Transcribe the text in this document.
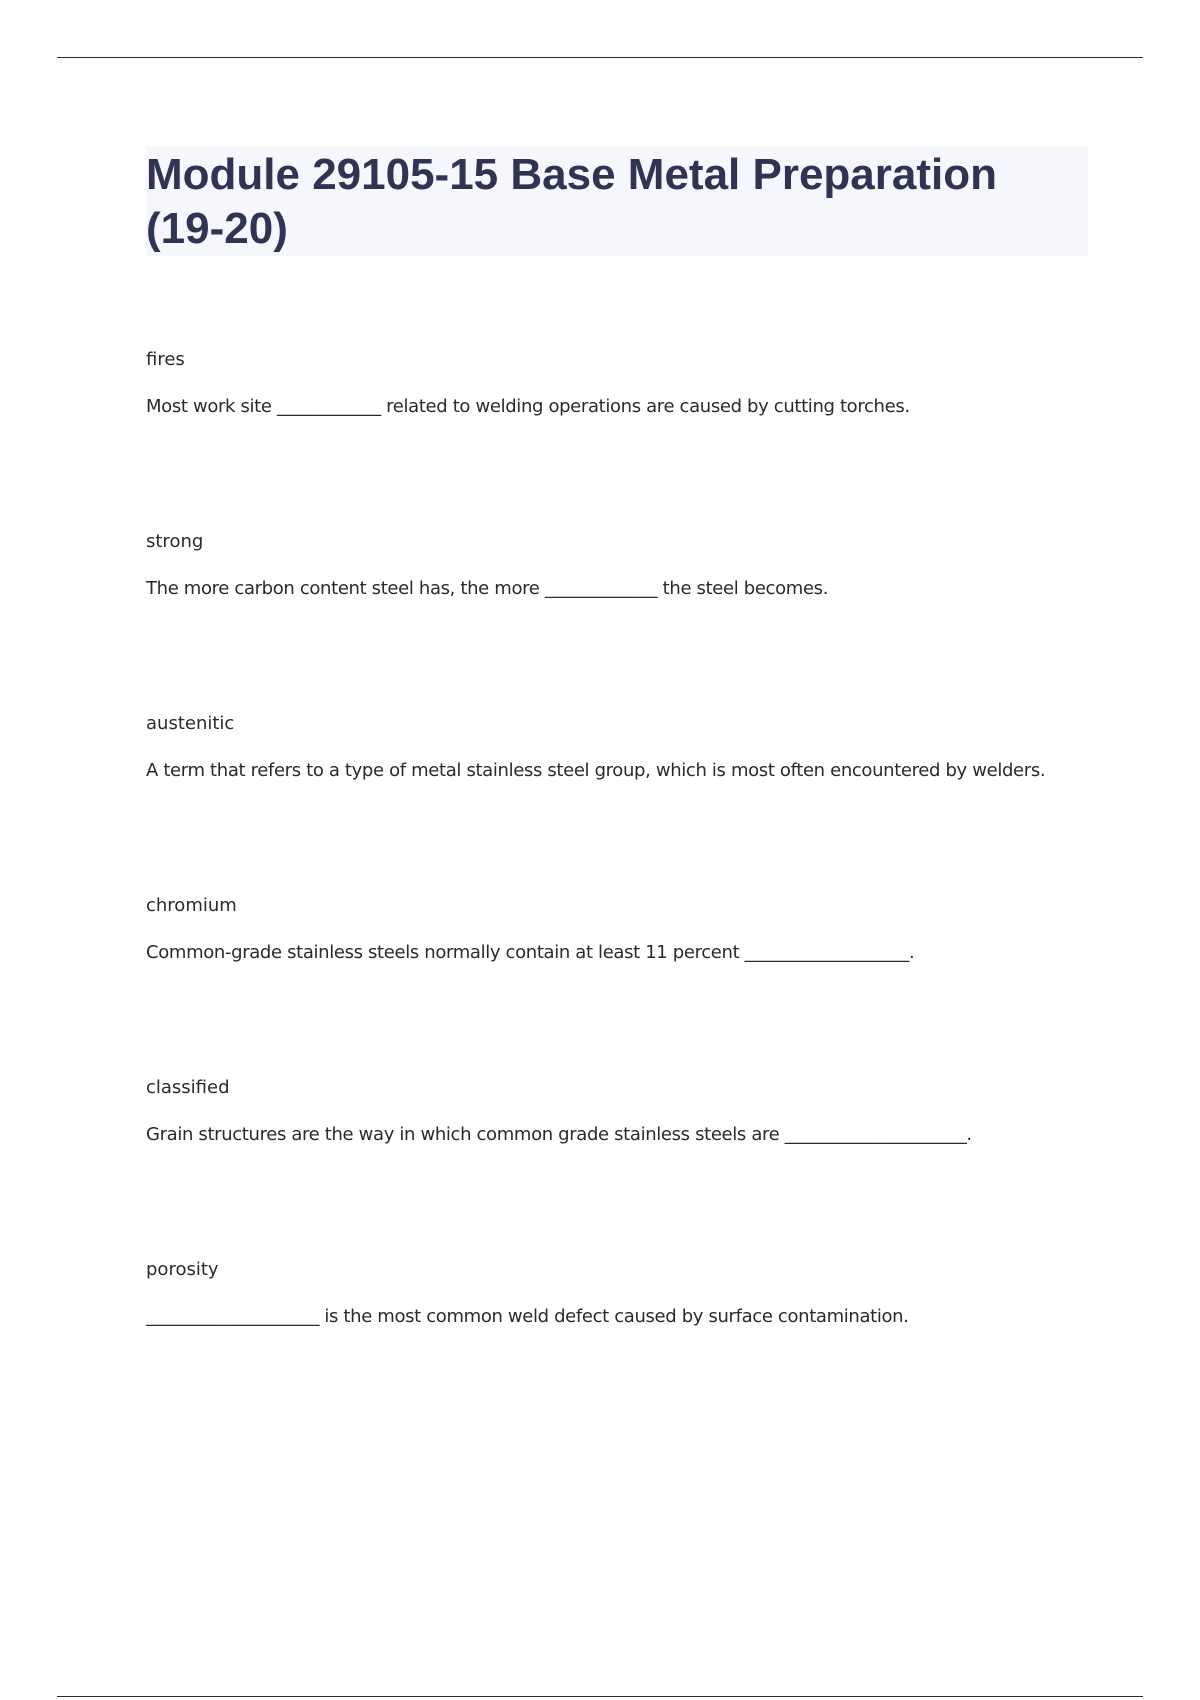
Module 29105-15 Base Metal Preparation (19-20)
fires
Most work site ____________ related to welding operations are caused by cutting torches.
strong
The more carbon content steel has, the more _____________ the steel becomes.
austenitic
A term that refers to a type of metal stainless steel group, which is most often encountered by welders.
chromium
Common-grade stainless steels normally contain at least 11 percent ___________________.
classified
Grain structures are the way in which common grade stainless steels are _____________________.
porosity
____________________ is the most common weld defect caused by surface contamination.
